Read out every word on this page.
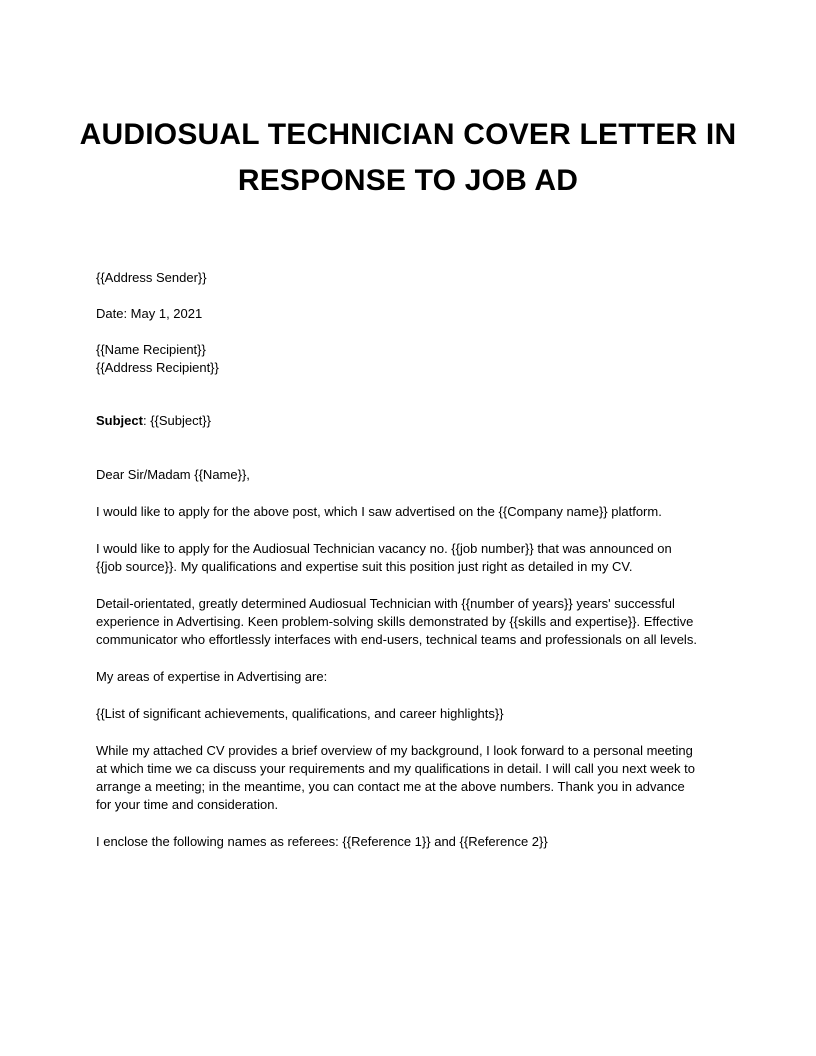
AUDIOSUAL TECHNICIAN COVER LETTER IN
RESPONSE TO JOB AD

{{Address Sender}}

Date: May 1, 2021

{{Name Recipient}}

{{Address Recipient}}

Subject: {{Subject}}

Dear Sir/Madam {{Name}},

I would like to apply for the above post, which I saw advertised on the {{Company name}} platform.

I would like to apply for the Audiosual Technician vacancy no. {{job number}} that was announced on

{{job source}}. My qualifications and expertise suit this position just right as detailed in my CV.

Detail-orientated, greatly determined Audiosual Technician with {{number of years}} years' successful

experience in Advertising. Keen problem-solving skills demonstrated by {{skills and expertise}}. Effective

communicator who effortlessly interfaces with end-users, technical teams and professionals on all levels.

My areas of expertise in Advertising are:

{{List of significant achievements, qualifications, and career highlights}}

While my attached CV provides a brief overview of my background, I look forward to a personal meeting

at which time we ca discuss your requirements and my qualifications in detail. I will call you next week to

arrange a meeting; in the meantime, you can contact me at the above numbers. Thank you in advance

for your time and consideration.

I enclose the following names as referees: {{Reference 1}} and {{Reference 2}}
